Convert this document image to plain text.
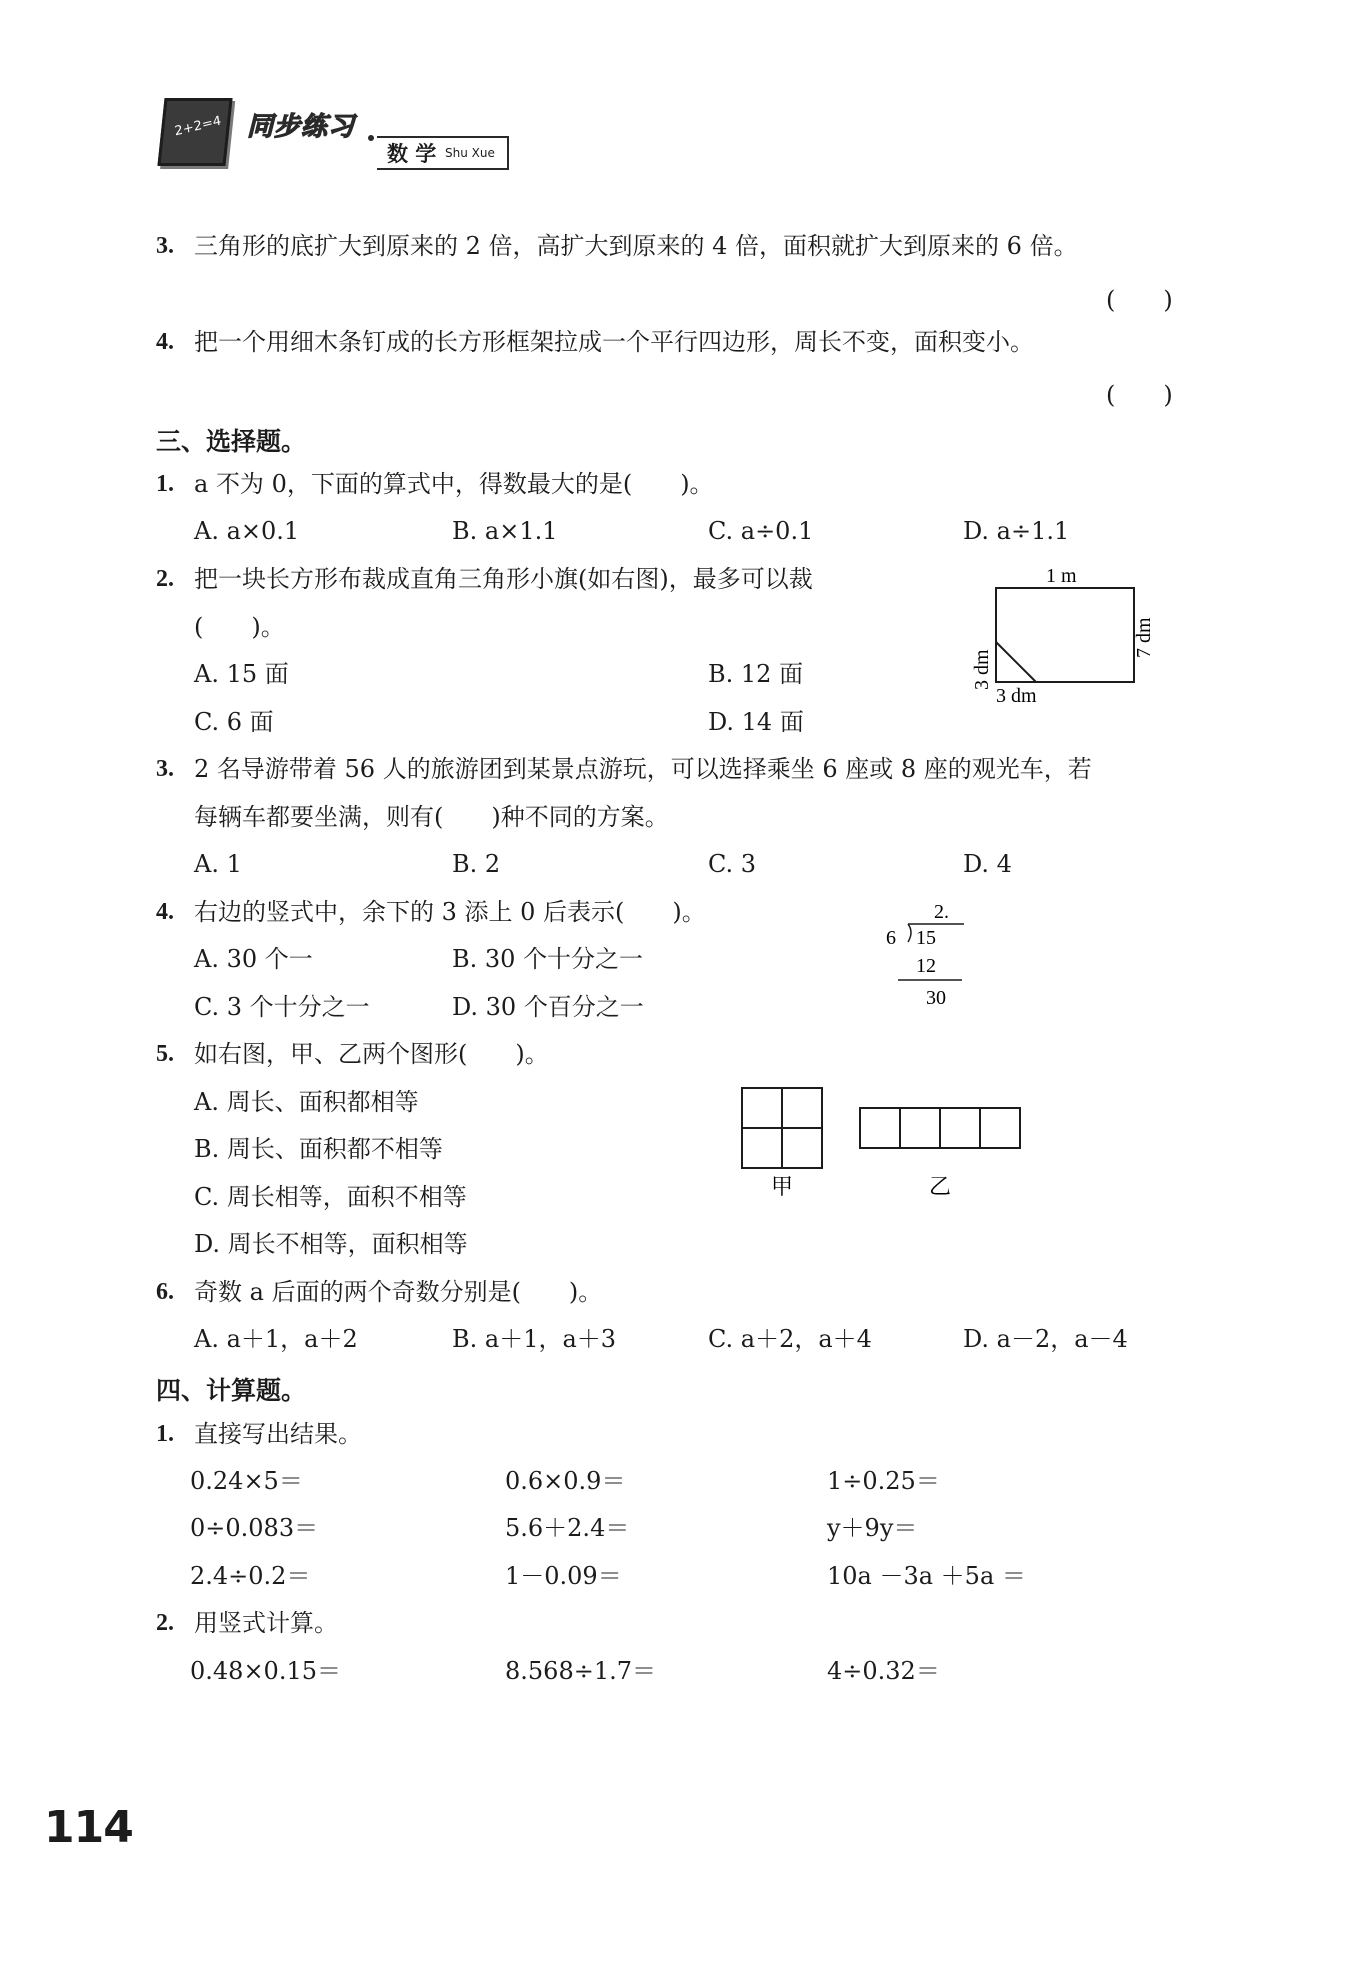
2+2=4 同步练习
数 学 Shu Xue
3. 三角形的底扩大到原来的 2 倍，高扩大到原来的 4 倍，面积就扩大到原来的 6 倍。
(　　)
4. 把一个用细木条钉成的长方形框架拉成一个平行四边形，周长不变，面积变小。
(　　)
三、选择题。
1. a 不为 0，下面的算式中，得数最大的是(　　)。
A. a×0.1	B. a×1.1	C. a÷0.1	D. a÷1.1
2. 把一块长方形布裁成直角三角形小旗(如右图)，最多可以裁
(　　)。
A. 15 面	B. 12 面
C. 6 面	D. 14 面
1 m
7 dm
3 dm
3 dm
3. 2 名导游带着 56 人的旅游团到某景点游玩，可以选择乘坐 6 座或 8 座的观光车，若
每辆车都要坐满，则有(　　)种不同的方案。
A. 1	B. 2	C. 3	D. 4
4. 右边的竖式中，余下的 3 添上 0 后表示(　　)。
A. 30 个一	B. 30 个十分之一
C. 3 个十分之一	D. 30 个百分之一
2.
6 15
12
30
5. 如右图，甲、乙两个图形(　　)。
A. 周长、面积都相等
B. 周长、面积都不相等
C. 周长相等，面积不相等
D. 周长不相等，面积相等
甲	乙
6. 奇数 a 后面的两个奇数分别是(　　)。
A. a＋1，a＋2	B. a＋1，a＋3	C. a＋2，a＋4	D. a－2，a－4
四、计算题。
1. 直接写出结果。
0.24×5＝	0.6×0.9＝	1÷0.25＝
0÷0.083＝	5.6＋2.4＝	y＋9y＝
2.4÷0.2＝	1－0.09＝	10a －3a ＋5a ＝
2. 用竖式计算。
0.48×0.15＝	8.568÷1.7＝	4÷0.32＝
114
